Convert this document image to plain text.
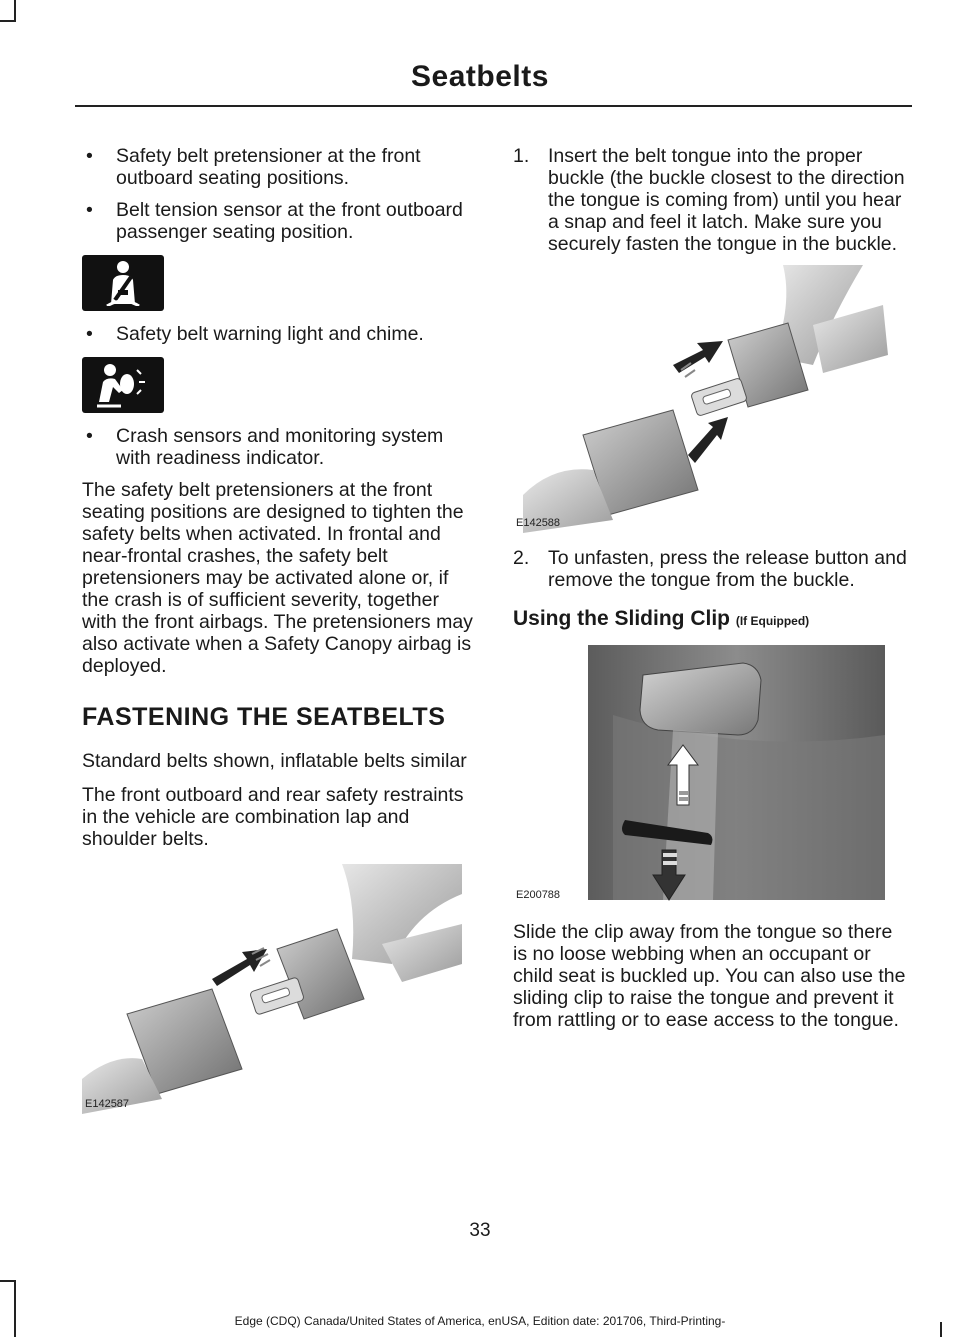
Seatbelts
• Safety belt pretensioner at the front outboard seating positions.
• Belt tension sensor at the front outboard passenger seating position.
• Safety belt warning light and chime.
• Crash sensors and monitoring system with readiness indicator.

The safety belt pretensioners at the front seating positions are designed to tighten the safety belts when activated. In frontal and near-frontal crashes, the safety belt pretensioners may be activated alone or, if the crash is of sufficient severity, together with the front airbags. The pretensioners may also activate when a Safety Canopy airbag is deployed.

FASTENING THE SEATBELTS

Standard belts shown, inflatable belts similar

The front outboard and rear safety restraints in the vehicle are combination lap and shoulder belts.

E142587
1. Insert the belt tongue into the proper buckle (the buckle closest to the direction the tongue is coming from) until you hear a snap and feel it latch. Make sure you securely fasten the tongue in the buckle.
E142588
2. To unfasten, press the release button and remove the tongue from the buckle.
Using the Sliding Clip (If Equipped)
E200788

Slide the clip away from the tongue so there is no loose webbing when an occupant or child seat is buckled up. You can also use the sliding clip to raise the tongue and prevent it from rattling or to ease access to the tongue.

33
Edge (CDQ) Canada/United States of America, enUSA, Edition date: 201706, Third-Printing-
